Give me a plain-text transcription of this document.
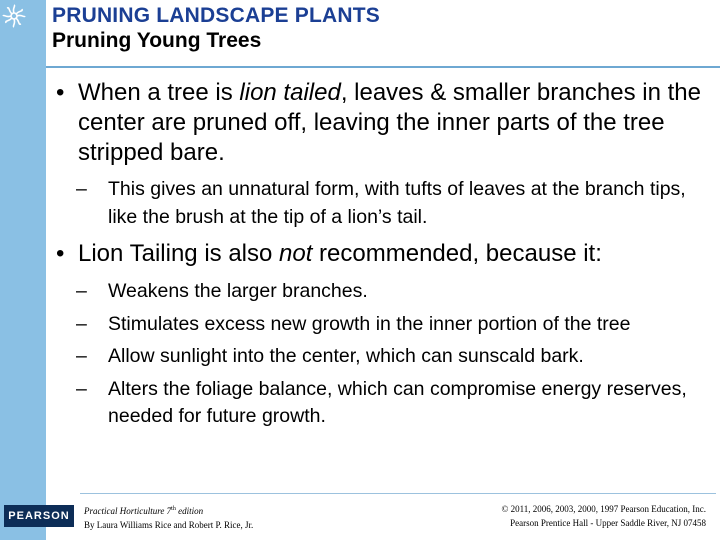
PRUNING LANDSCAPE PLANTS
Pruning Young Trees
• When a tree is lion tailed, leaves & smaller branches in the center are pruned off, leaving the inner parts of the tree stripped bare.
– This gives an unnatural form, with tufts of leaves at the branch tips, like the brush at the tip of a lion’s tail.
• Lion Tailing is also not recommended, because it:
– Weakens the larger branches.
– Stimulates excess new growth in the inner portion of the tree
– Allow sunlight into the center, which can sunscald bark.
– Alters the foliage balance, which can compromise energy reserves, needed for future growth.
PEARSON Practical Horticulture 7th edition
By Laura Williams Rice and Robert P. Rice, Jr.
© 2011, 2006, 2003, 2000, 1997 Pearson Education, Inc.
Pearson Prentice Hall - Upper Saddle River, NJ 07458
